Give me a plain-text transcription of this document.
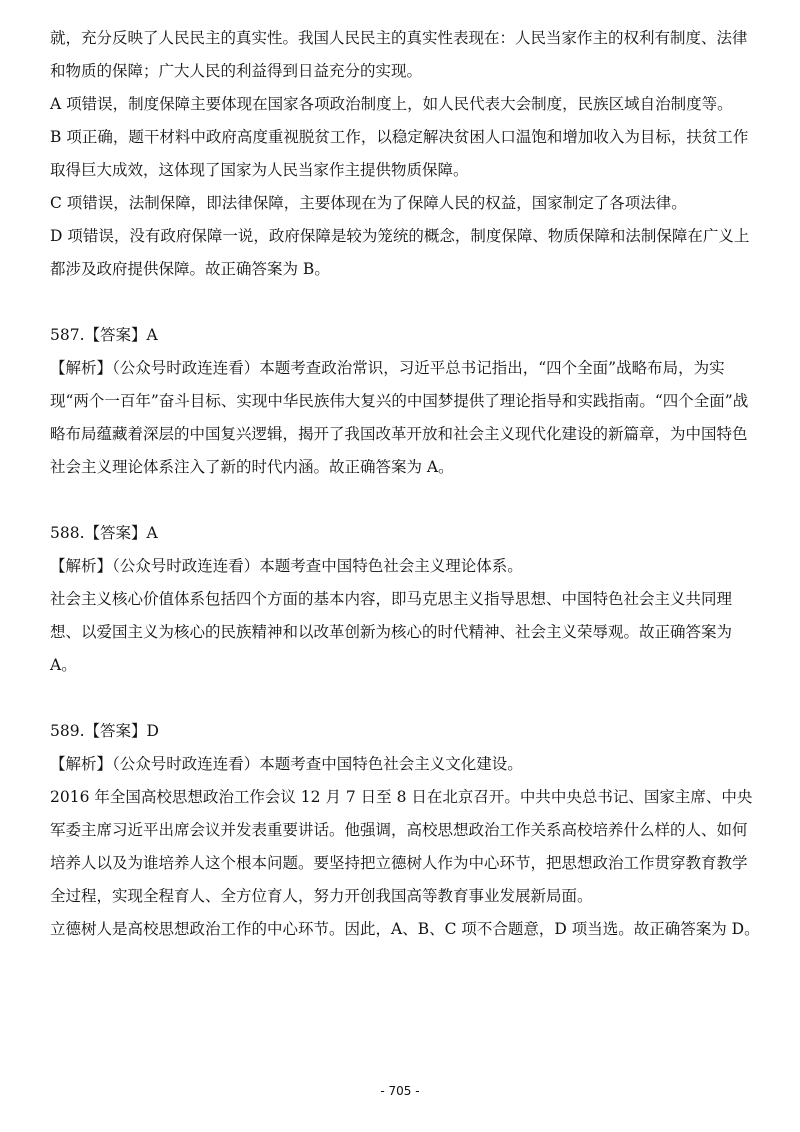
就，充分反映了人民民主的真实性。我国人民民主的真实性表现在：人民当家作主的权利有制度、法律和物质的保障；广大人民的利益得到日益充分的实现。

A 项错误，制度保障主要体现在国家各项政治制度上，如人民代表大会制度，民族区域自治制度等。

B 项正确，题干材料中政府高度重视脱贫工作，以稳定解决贫困人口温饱和增加收入为目标，扶贫工作取得巨大成效，这体现了国家为人民当家作主提供物质保障。

C 项错误，法制保障，即法律保障，主要体现在为了保障人民的权益，国家制定了各项法律。

D 项错误，没有政府保障一说，政府保障是较为笼统的概念，制度保障、物质保障和法制保障在广义上都涉及政府提供保障。故正确答案为 B。

587.【答案】A

【解析】（公众号时政连连看）本题考查政治常识，习近平总书记指出，“四个全面”战略布局，为实现“两个一百年”奋斗目标、实现中华民族伟大复兴的中国梦提供了理论指导和实践指南。“四个全面”战略布局蕴藏着深层的中国复兴逻辑，揭开了我国改革开放和社会主义现代化建设的新篇章，为中国特色社会主义理论体系注入了新的时代内涵。故正确答案为 A。

588.【答案】A

【解析】（公众号时政连连看）本题考查中国特色社会主义理论体系。

社会主义核心价值体系包括四个方面的基本内容，即马克思主义指导思想、中国特色社会主义共同理想、以爱国主义为核心的民族精神和以改革创新为核心的时代精神、社会主义荣辱观。故正确答案为 A。

589.【答案】D

【解析】（公众号时政连连看）本题考查中国特色社会主义文化建设。

2016 年全国高校思想政治工作会议 12 月 7 日至 8 日在北京召开。中共中央总书记、国家主席、中央军委主席习近平出席会议并发表重要讲话。他强调，高校思想政治工作关系高校培养什么样的人、如何培养人以及为谁培养人这个根本问题。要坚持把立德树人作为中心环节，把思想政治工作贯穿教育教学全过程，实现全程育人、全方位育人，努力开创我国高等教育事业发展新局面。

立德树人是高校思想政治工作的中心环节。因此，A、B、C 项不合题意，D 项当选。故正确答案为 D。

- 705 -
